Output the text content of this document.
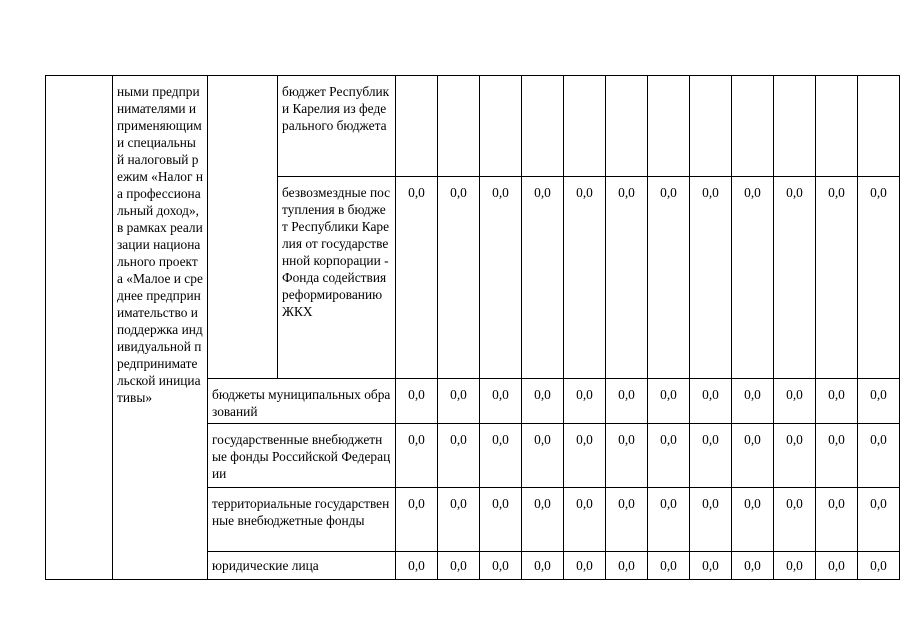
	ными предпринимателями и применяющими специальный налоговый режим «Налог на профессиональный доход», в рамках реализации национального проекта «Малое и среднее предпринимательство и поддержка индивидуальной предпринимательской инициативы»		бюджет Республики Карелия из федерального бюджета												
			безвозмездные поступления в бюджет Республики Карелия от государственной корпорации - Фонда содействия реформированию ЖКХ	0,0	0,0	0,0	0,0	0,0	0,0	0,0	0,0	0,0	0,0	0,0	0,0
		бюджеты муниципальных образований		0,0	0,0	0,0	0,0	0,0	0,0	0,0	0,0	0,0	0,0	0,0	0,0
		государственные внебюджетные фонды Российской Федерации		0,0	0,0	0,0	0,0	0,0	0,0	0,0	0,0	0,0	0,0	0,0	0,0
		территориальные государственные внебюджетные фонды		0,0	0,0	0,0	0,0	0,0	0,0	0,0	0,0	0,0	0,0	0,0	0,0
		юридические лица		0,0	0,0	0,0	0,0	0,0	0,0	0,0	0,0	0,0	0,0	0,0	0,0
